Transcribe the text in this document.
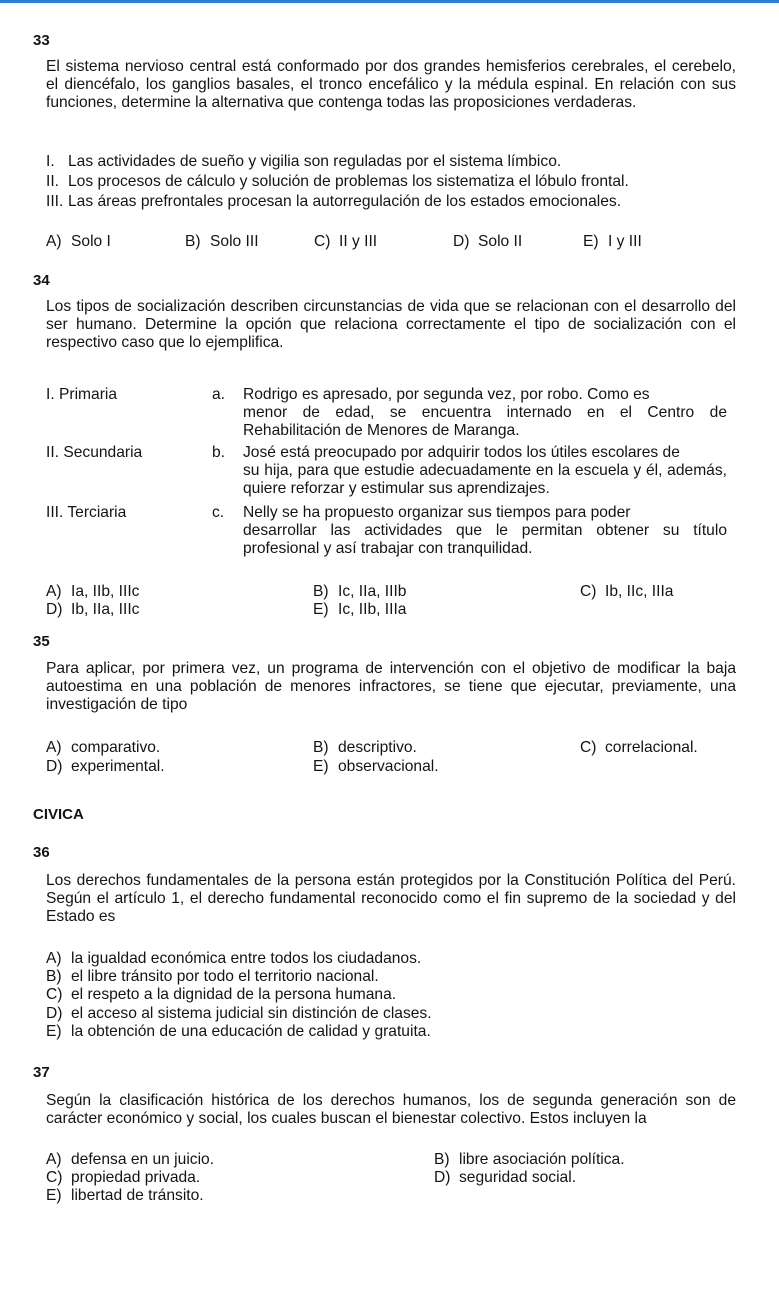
33
El sistema nervioso central está conformado por dos grandes hemisferios cerebrales, el cerebelo, el diencéfalo, los ganglios basales, el tronco encefálico y la médula espinal. En relación con sus funciones, determine la alternativa que contenga todas las proposiciones verdaderas.
I. Las actividades de sueño y vigilia son reguladas por el sistema límbico.
II. Los procesos de cálculo y solución de problemas los sistematiza el lóbulo frontal.
III. Las áreas prefrontales procesan la autorregulación de los estados emocionales.
A) Solo I	B) Solo III	C) II y III	D) Solo II	E) I y III
34
Los tipos de socialización describen circunstancias de vida que se relacionan con el desarrollo del ser humano. Determine la opción que relaciona correctamente el tipo de socialización con el respectivo caso que lo ejemplifica.
I. Primaria	a. Rodrigo es apresado, por segunda vez, por robo. Como es
menor de edad, se encuentra internado en el Centro de Rehabilitación de Menores de Maranga.
II. Secundaria	b. José está preocupado por adquirir todos los útiles escolares de
su hija, para que estudie adecuadamente en la escuela y él, además, quiere reforzar y estimular sus aprendizajes.
III. Terciaria	c. Nelly se ha propuesto organizar sus tiempos para poder
desarrollar las actividades que le permitan obtener su título profesional y así trabajar con tranquilidad.
A) Ia, IIb, IIIc	B) Ic, IIa, IIIb	C) Ib, IIc, IIIa
D) Ib, IIa, IIIc	E) Ic, IIb, IIIa
35
Para aplicar, por primera vez, un programa de intervención con el objetivo de modificar la baja autoestima en una población de menores infractores, se tiene que ejecutar, previamente, una investigación de tipo
A) comparativo.	B) descriptivo.	C) correlacional.
D) experimental.	E) observacional.
CIVICA
36
Los derechos fundamentales de la persona están protegidos por la Constitución Política del Perú. Según el artículo 1, el derecho fundamental reconocido como el fin supremo de la sociedad y del Estado es
A) la igualdad económica entre todos los ciudadanos.
B) el libre tránsito por todo el territorio nacional.
C) el respeto a la dignidad de la persona humana.
D) el acceso al sistema judicial sin distinción de clases.
E) la obtención de una educación de calidad y gratuita.
37
Según la clasificación histórica de los derechos humanos, los de segunda generación son de carácter económico y social, los cuales buscan el bienestar colectivo. Estos incluyen la
A) defensa en un juicio.	B) libre asociación política.
C) propiedad privada.	D) seguridad social.
E) libertad de tránsito.
